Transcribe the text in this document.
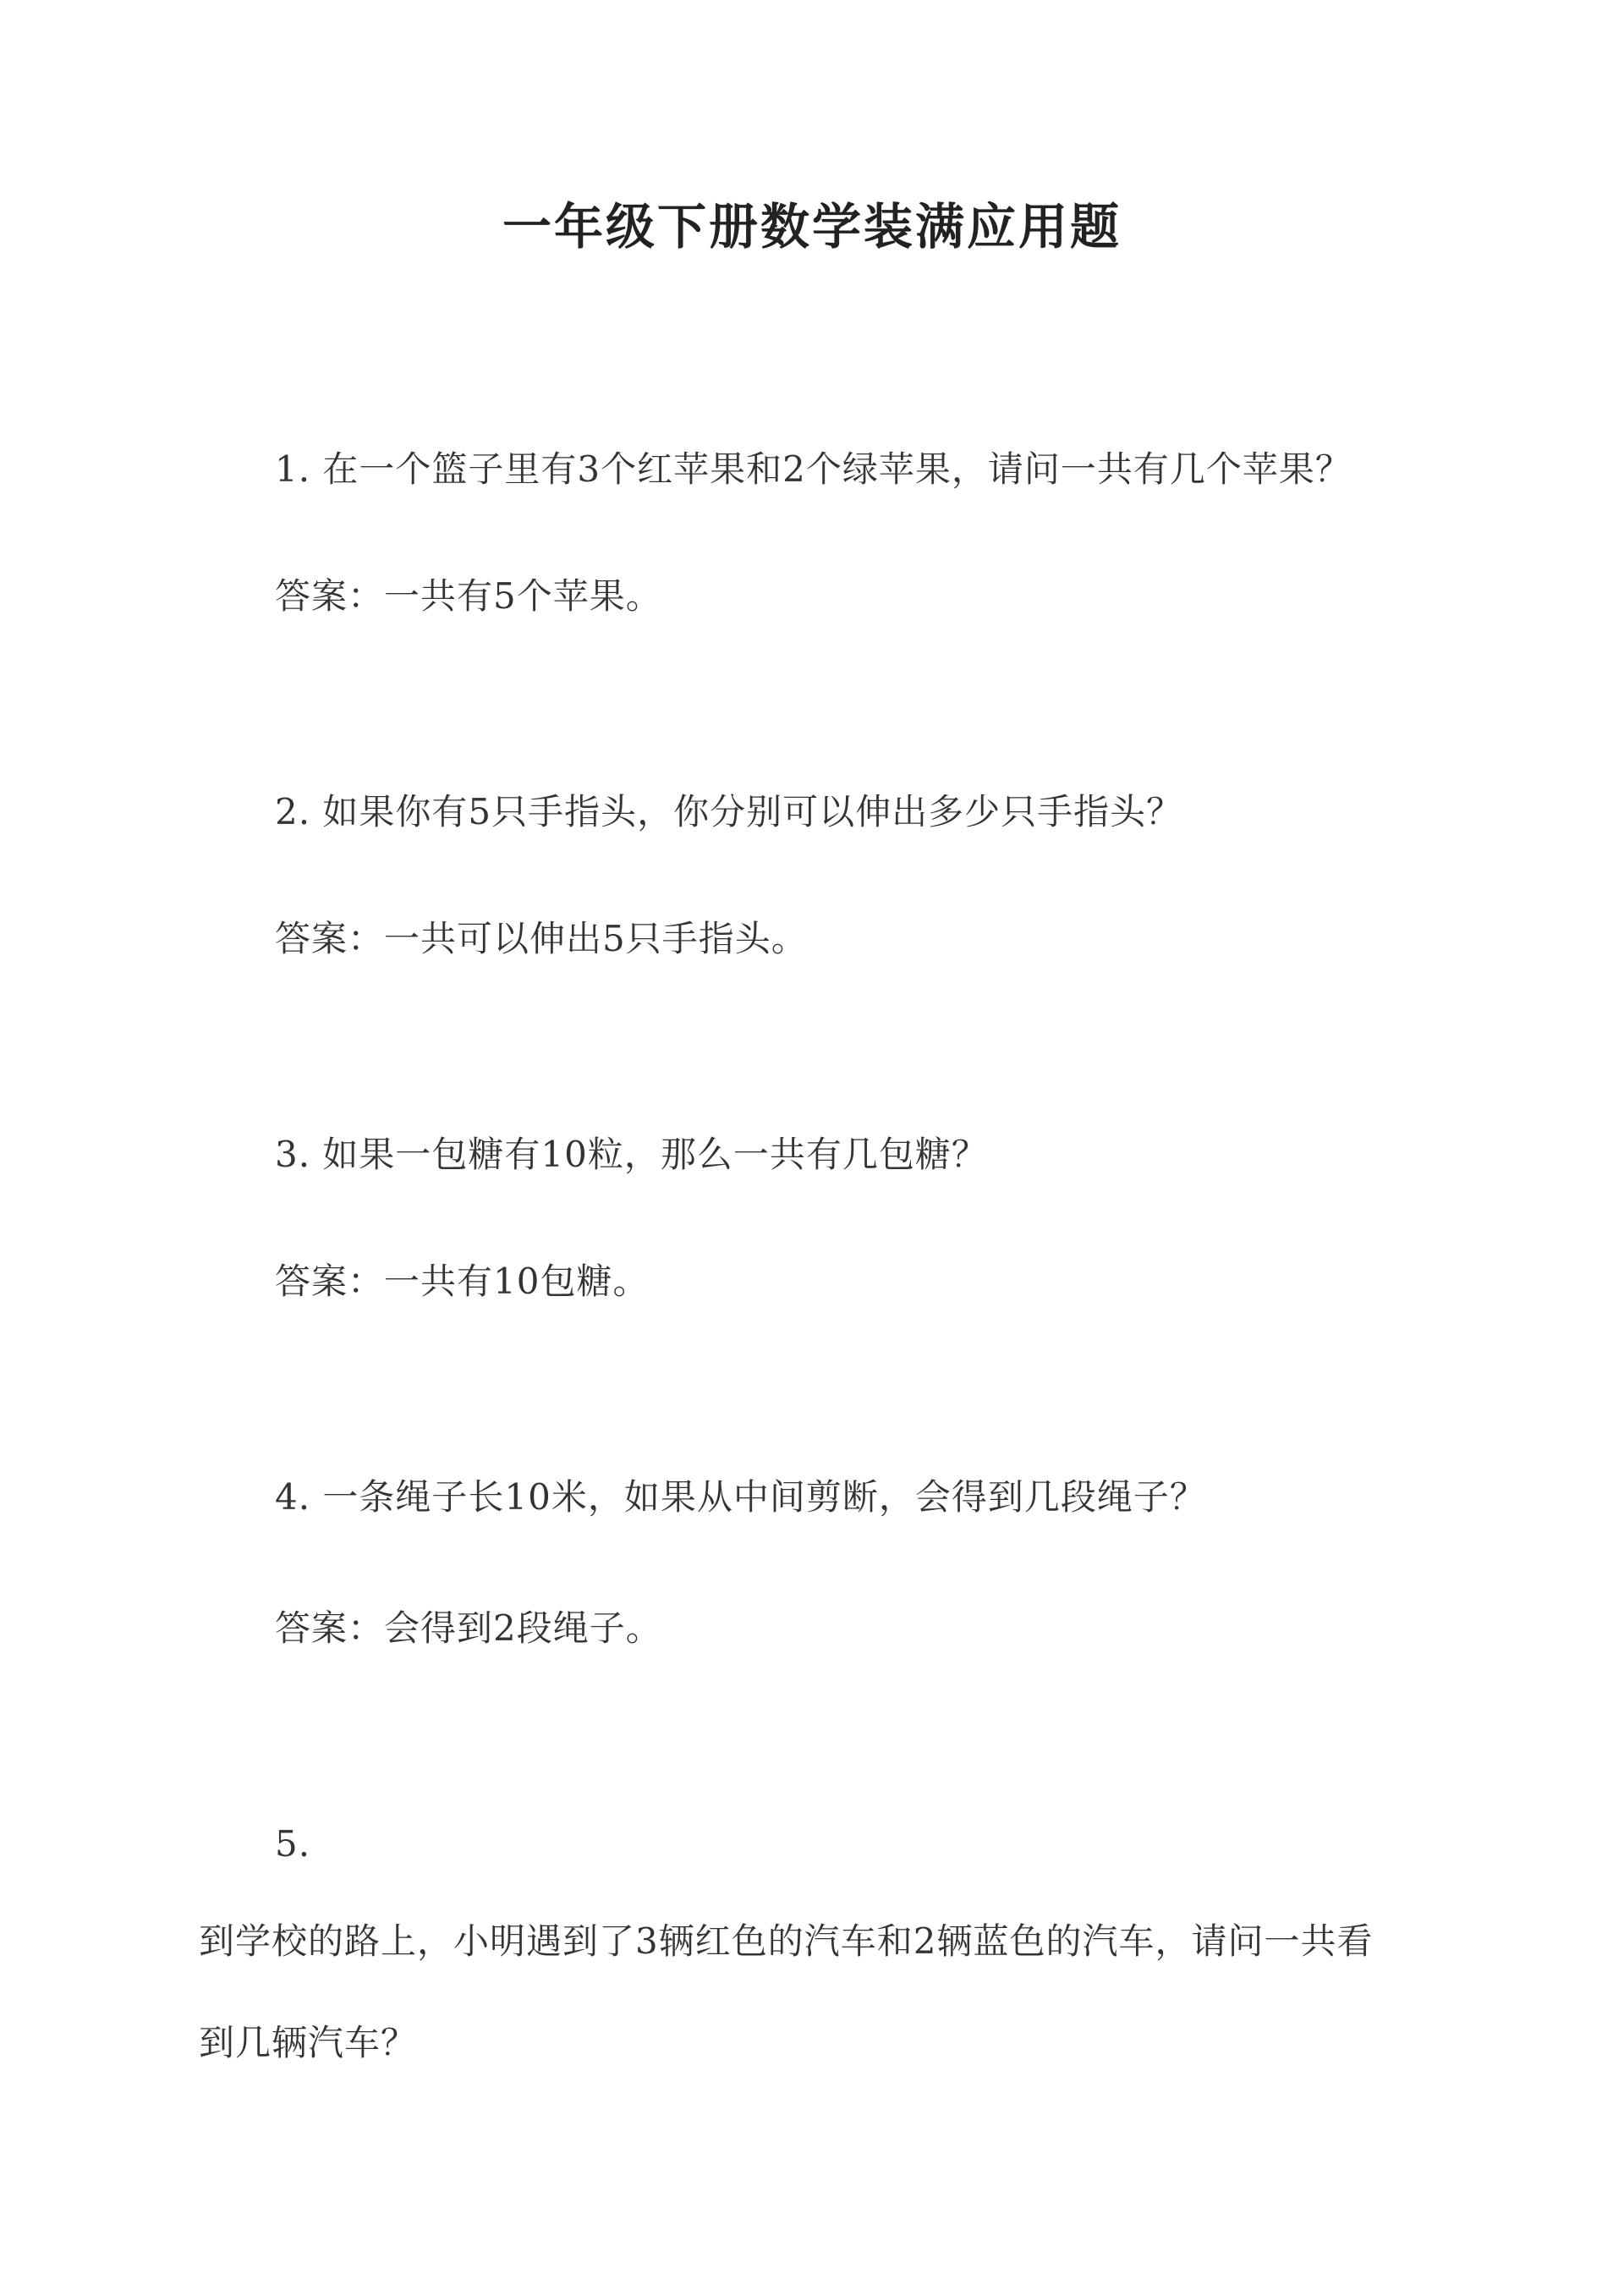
一年级下册数学装满应用题
1. 在一个篮子里有3个红苹果和2个绿苹果，请问一共有几个苹果？
答案：一共有5个苹果。
2. 如果你有5只手指头，你分别可以伸出多少只手指头？
答案：一共可以伸出5只手指头。
3. 如果一包糖有10粒，那么一共有几包糖？
答案：一共有10包糖。
4. 一条绳子长10米，如果从中间剪断，会得到几段绳子？
答案：会得到2段绳子。
5.
到学校的路上，小明遇到了3辆红色的汽车和2辆蓝色的汽车，请问一共看
到几辆汽车？
